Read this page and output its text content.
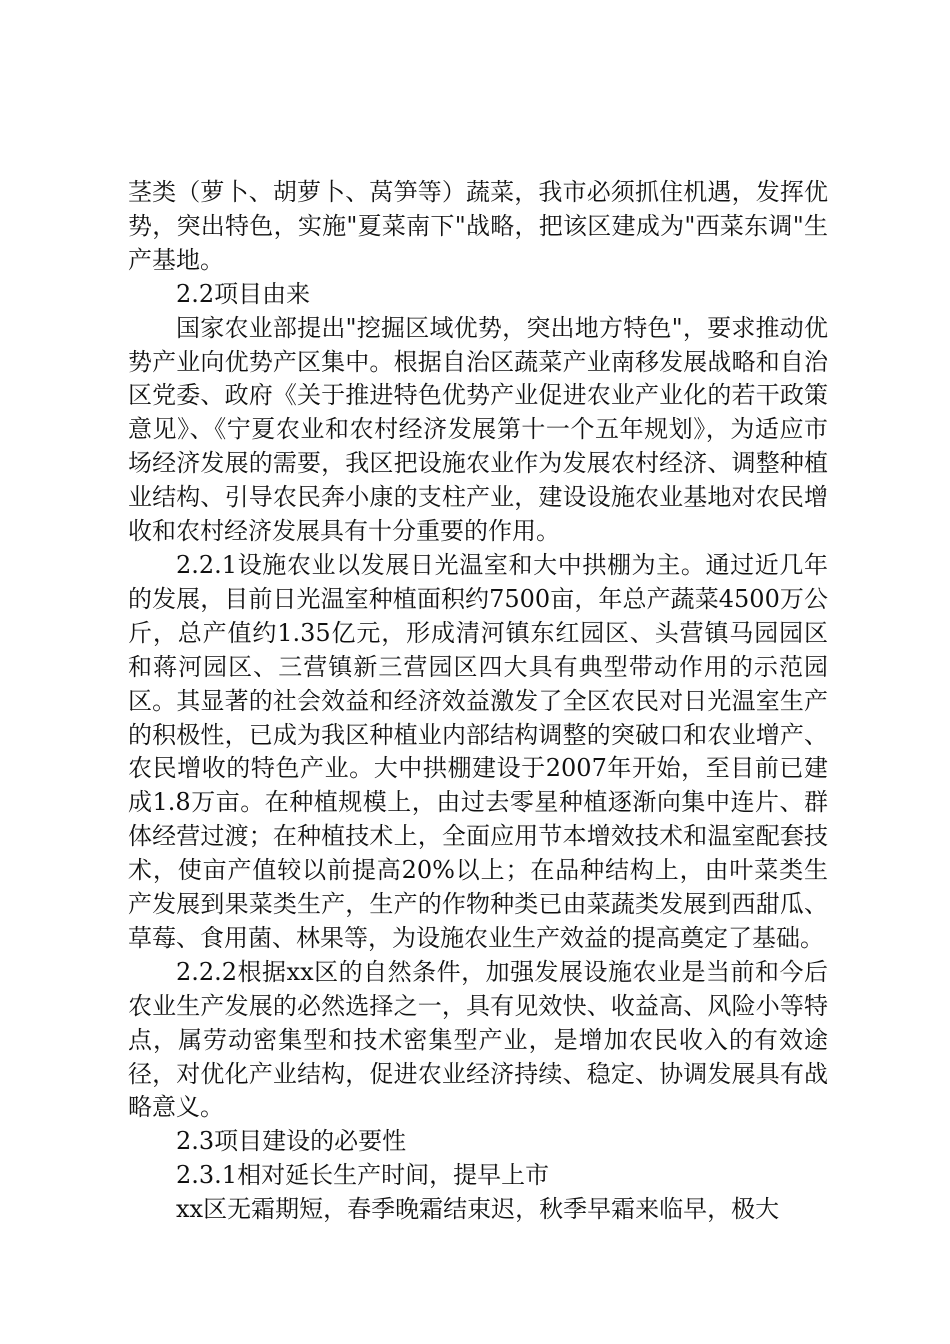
茎类（萝卜、胡萝卜、莴笋等）蔬菜，我市必须抓住机遇，发挥优势，突出特色，实施"夏菜南下"战略，把该区建成为"西菜东调"生产基地。

2.2项目由来

国家农业部提出"挖掘区域优势，突出地方特色"，要求推动优势产业向优势产区集中。根据自治区蔬菜产业南移发展战略和自治区党委、政府《关于推进特色优势产业促进农业产业化的若干政策意见》、《宁夏农业和农村经济发展第十一个五年规划》，为适应市场经济发展的需要，我区把设施农业作为发展农村经济、调整种植业结构、引导农民奔小康的支柱产业，建设设施农业基地对农民增收和农村经济发展具有十分重要的作用。

2.2.1设施农业以发展日光温室和大中拱棚为主。通过近几年的发展，目前日光温室种植面积约7500亩，年总产蔬菜4500万公斤，总产值约1.35亿元，形成清河镇东红园区、头营镇马园园区和蒋河园区、三营镇新三营园区四大具有典型带动作用的示范园区。其显著的社会效益和经济效益激发了全区农民对日光温室生产的积极性，已成为我区种植业内部结构调整的突破口和农业增产、农民增收的特色产业。大中拱棚建设于2007年开始，至目前已建成1.8万亩。在种植规模上，由过去零星种植逐渐向集中连片、群体经营过渡；在种植技术上，全面应用节本增效技术和温室配套技术，使亩产值较以前提高20%以上；在品种结构上，由叶菜类生产发展到果菜类生产，生产的作物种类已由菜蔬类发展到西甜瓜、草莓、食用菌、林果等，为设施农业生产效益的提高奠定了基础。

2.2.2根据xx区的自然条件，加强发展设施农业是当前和今后农业生产发展的必然选择之一，具有见效快、收益高、风险小等特点，属劳动密集型和技术密集型产业，是增加农民收入的有效途径，对优化产业结构，促进农业经济持续、稳定、协调发展具有战略意义。

2.3项目建设的必要性

2.3.1相对延长生产时间，提早上市

xx区无霜期短，春季晚霜结束迟，秋季早霜来临早，极大
